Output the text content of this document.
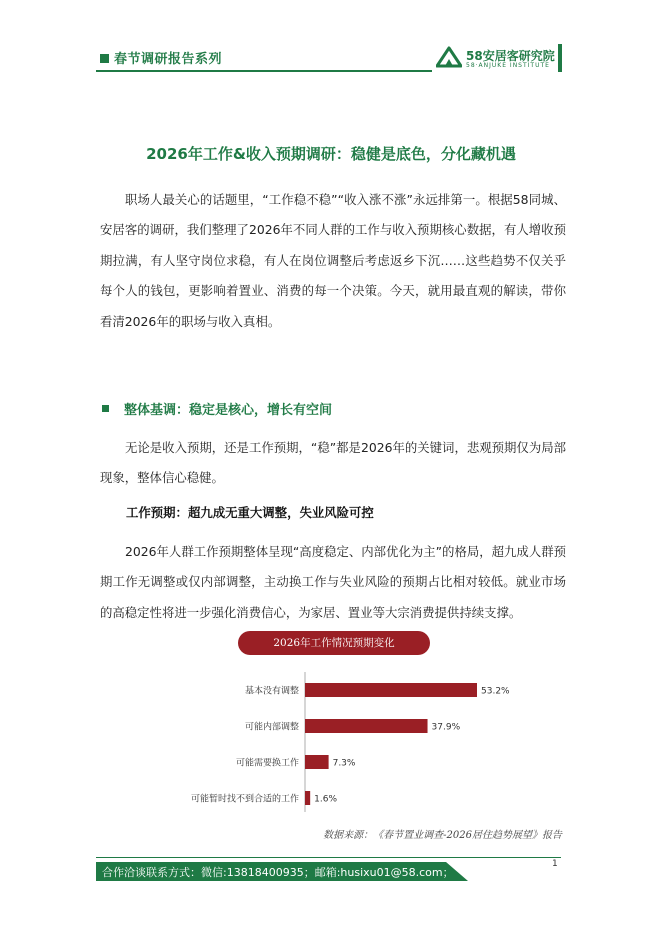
春节调研报告系列	58安居客研究院
58·ANJUKE INSTITUTE
2026年工作&收入预期调研：稳健是底色，分化藏机遇

职场人最关心的话题里，“工作稳不稳”“收入涨不涨”永远排第一。根据58同城、安居客的调研，我们整理了2026年不同人群的工作与收入预期核心数据，有人增收预期拉满，有人坚守岗位求稳，有人在岗位调整后考虑返乡下沉……这些趋势不仅关乎每个人的钱包，更影响着置业、消费的每一个决策。今天，就用最直观的解读，带你看清2026年的职场与收入真相。

整体基调：稳定是核心，增长有空间

无论是收入预期，还是工作预期，“稳”都是2026年的关键词，悲观预期仅为局部现象，整体信心稳健。

工作预期：超九成无重大调整，失业风险可控

2026年人群工作预期整体呈现“高度稳定、内部优化为主”的格局，超九成人群预期工作无调整或仅内部调整，主动换工作与失业风险的预期占比相对较低。就业市场的高稳定性将进一步强化消费信心，为家居、置业等大宗消费提供持续支撑。

2026年工作情况预期变化
基本没有调整	53.2%
可能内部调整	37.9%
可能需要换工作	7.3%
可能暂时找不到合适的工作 1.6%
数据来源：《春节置业调查-2026居住趋势展望》报告
1
合作洽谈联系方式：微信:13818400935；邮箱:husixu01@58.com；
